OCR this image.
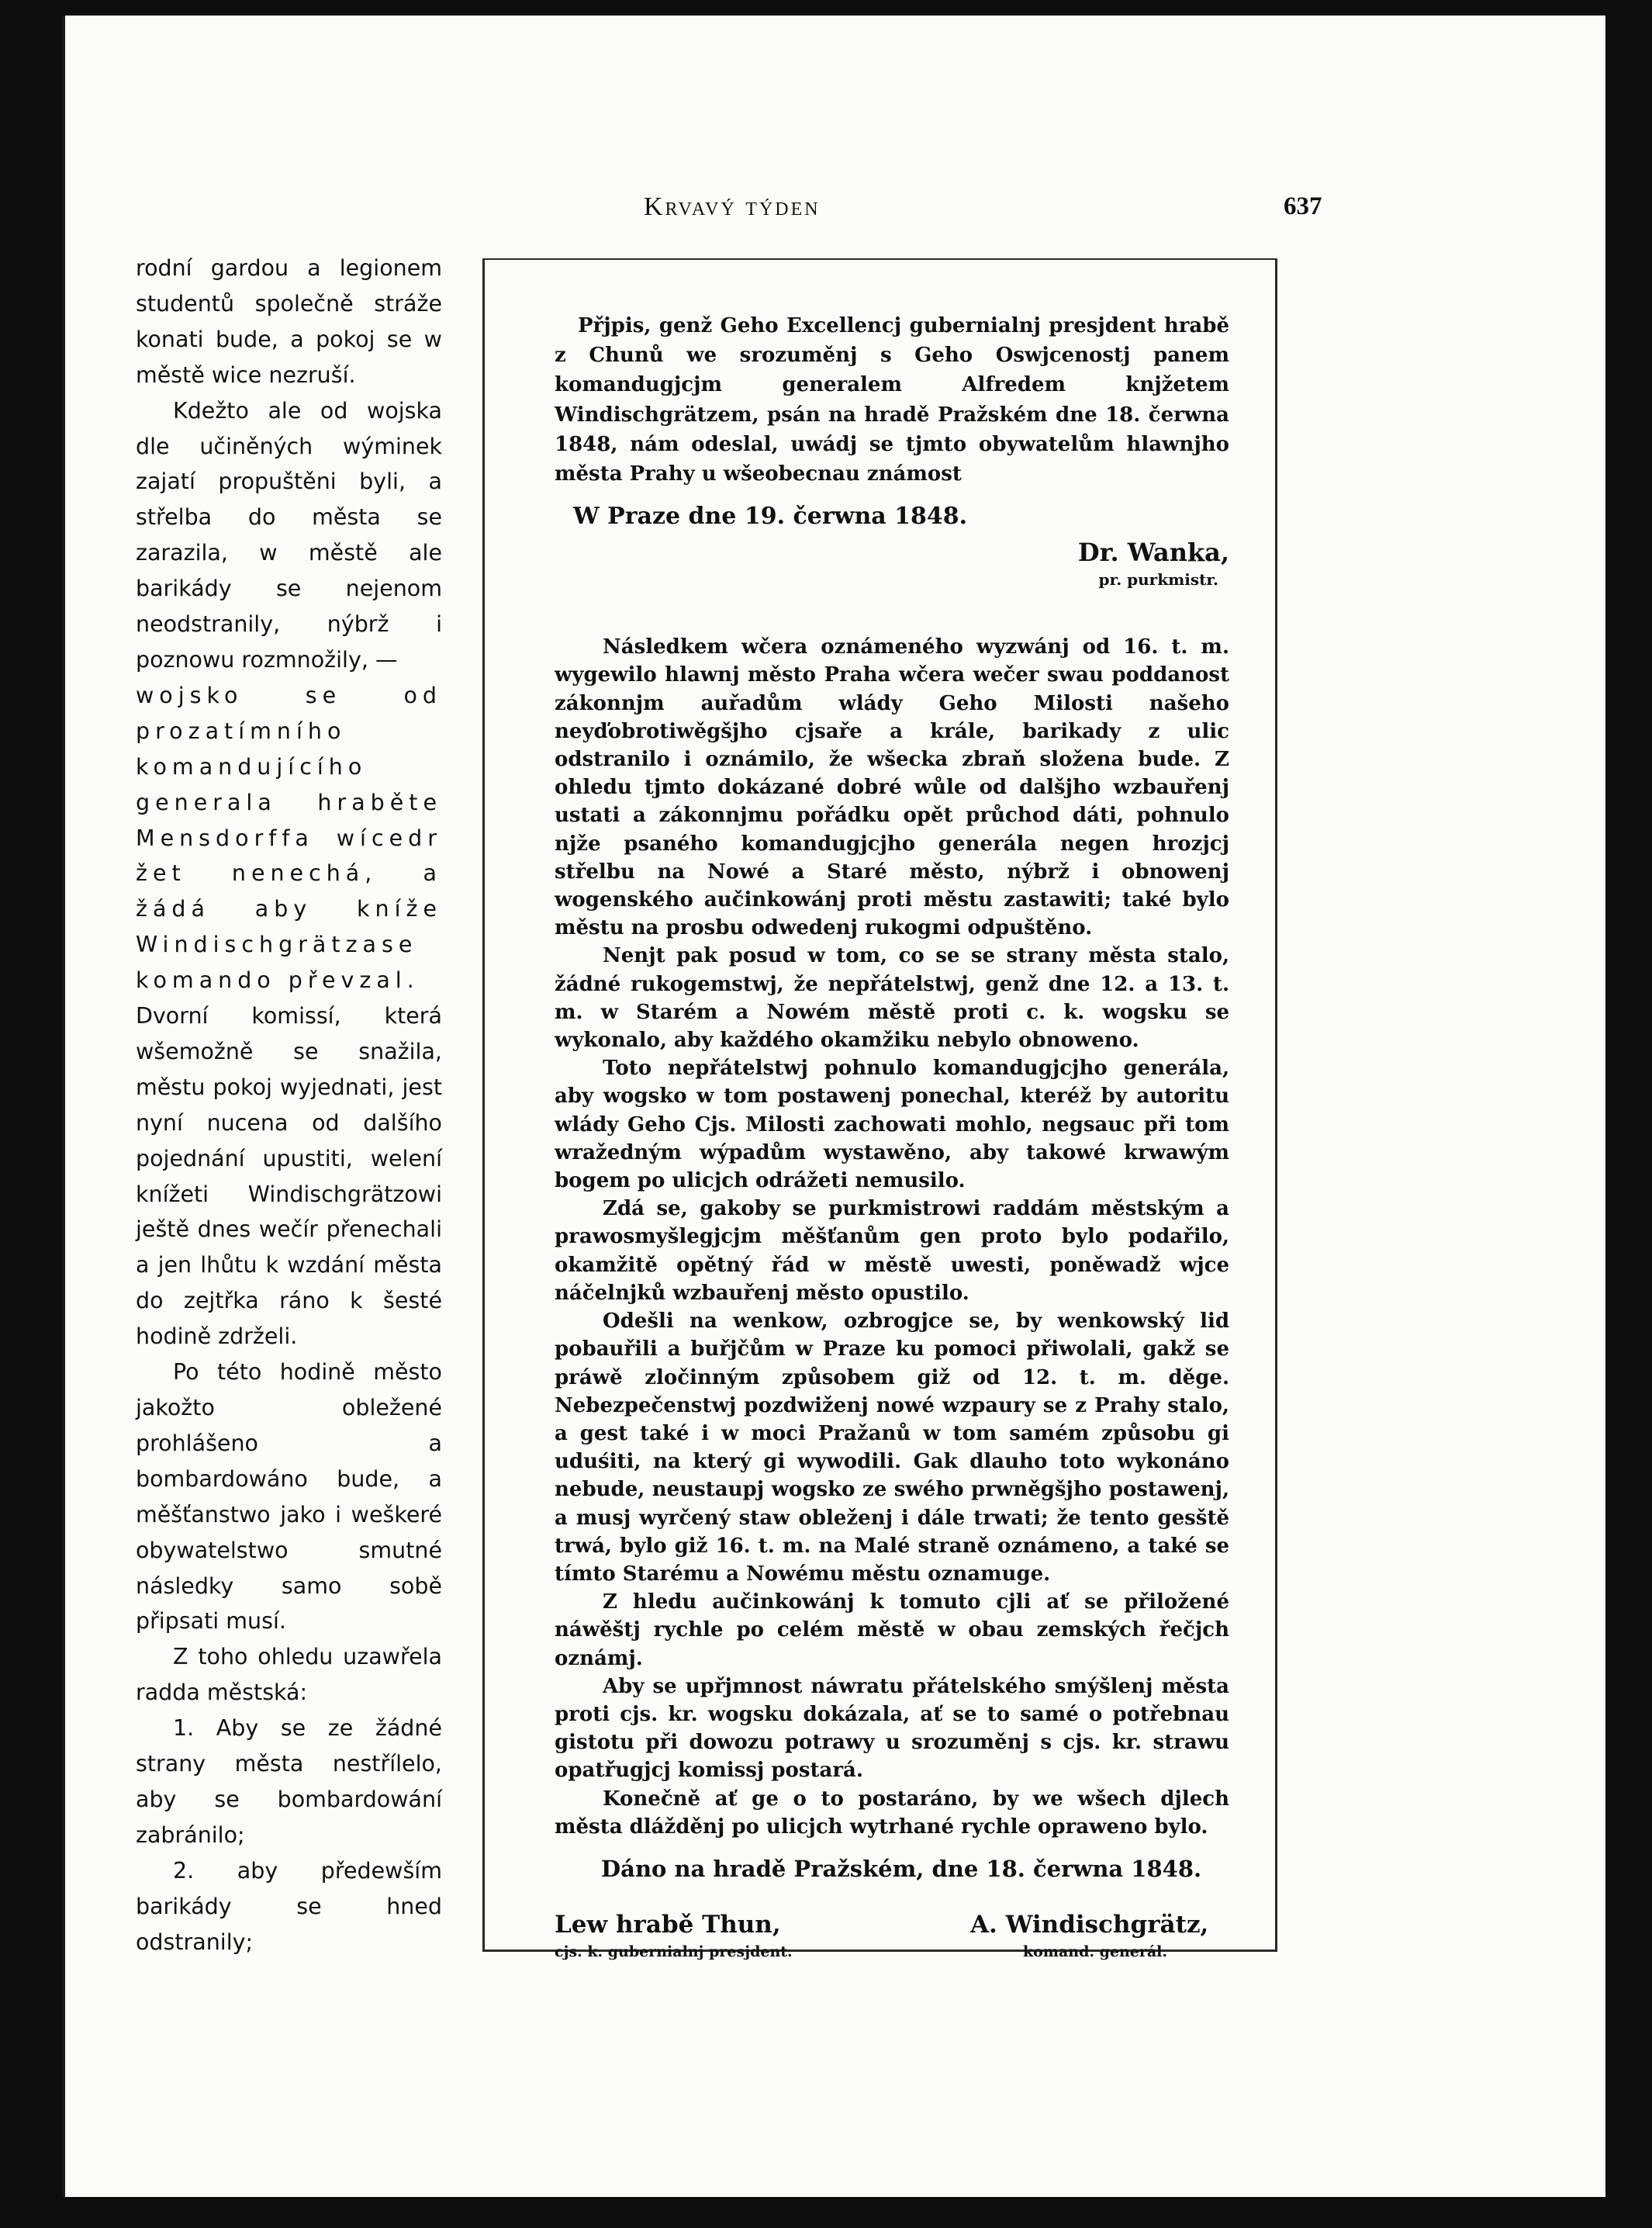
Krvavý týden	637

rodní gardou a legionem studentů společně stráže konati bude, a pokoj se w městě wice nezruší.

Kdežto ale od wojska dle učiněných wýminek zajatí propuštěni byli, a střelba do města se zarazila, w městě ale barikády se nejenom neodstranily, nýbrž i poznowu rozmnožily, —

wojsko se od prozatímního komandujícího generala hraběte Mensdorffa wícedr žet nenechá, a žádá aby kníže Windischgrätzase komando převzal.

Dvorní komissí, která wšemožně se snažila, městu pokoj wyjednati, jest nyní nucena od dalšího pojednání upustiti, welení knížeti Windischgrätzowi ještě dnes wečír přenechali a jen lhůtu k wzdání města do zejtřka ráno k šesté hodině zdrželi.

Po této hodině město jakožto obležené prohlášeno a bombardowáno bude, a měšťanstwo jako i weškeré obywatelstwo smutné následky samo sobě připsati musí.

Z toho ohledu uzawřela radda městská:

1. Aby se ze žádné strany města nestřílelo, aby se bombardowání zabránilo;

2. aby předewším barikády se hned odstranily;

Přjpis, genž Geho Excellencj gubernialnj presjdent hrabě z Chunů we srozuměnj s Geho Oswjcenostj panem komandugjcjm generalem Alfredem knjžetem Windischgrätzem, psán na hradě Pražském dne 18. čerwna 1848, nám odeslal, uwádj se tjmto obywatelům hlawnjho města Prahy u wšeobecnau známost

W Praze dne 19. čerwna 1848.
Dr. Wanka,
pr. purkmistr.

Následkem wčera oznámeného wyzwánj od 16. t. m. wygewilo hlawnj město Praha wčera wečer swau poddanost zákonnjm auřadům wlády Geho Milosti našeho neyďobrotiwěgšjho cjsaře a krále, barikady z ulic odstranilo i oznámilo, že wšecka zbraň složena bude. Z ohledu tjmto dokázané dobré wůle od dalšjho wzbauřenj ustati a zákonnjmu pořádku opět průchod dáti, pohnulo njže psaného komandugjcjho generála negen hrozjcj střelbu na Nowé a Staré město, nýbrž i obnowenj wogenského aučinkowánj proti městu zastawiti; také bylo městu na prosbu odwedenj rukogmi odpuštěno.

Nenjt pak posud w tom, co se se strany města stalo, žádné rukogemstwj, že nepřátelstwj, genž dne 12. a 13. t. m. w Starém a Nowém městě proti c. k. wogsku se wykonalo, aby každého okamžiku nebylo obnoweno.

Toto nepřátelstwj pohnulo komandugjcjho generála, aby wogsko w tom postawenj ponechal, kteréž by autoritu wlády Geho Cjs. Milosti zachowati mohlo, negsauc při tom wražedným wýpadům wystawěno, aby takowé krwawým bogem po ulicjch odrážeti nemusilo.

Zdá se, gakoby se purkmistrowi raddám městským a prawosmyšlegjcjm měšťanům gen proto bylo podařilo, okamžitě opětný řád w městě uwesti, poněwadž wjce náčelnjků wzbauřenj město opustilo.

Odešli na wenkow, ozbrogjce se, by wenkowský lid pobauřili a buřjčům w Praze ku pomoci přiwolali, gakž se práwě zločinným způsobem giž od 12. t. m. děge. Nebezpečenstwj pozdwiženj nowé wzpaury se z Prahy stalo, a gest také i w moci Pražanů w tom samém způsobu gi uduśiti, na který gi wywodili. Gak dlauho toto wykonáno nebude, neustaupj wogsko ze swého prwněgšjho postawenj, a musj wyrčený staw obleženj i dále trwati; že tento gesště trwá, bylo giž 16. t. m. na Malé straně oznámeno, a také se tímto Starému a Nowému městu oznamuge.

Z hledu aučinkowánj k tomuto cjli ať se přiložené náwěštj rychle po celém městě w obau zemských řečjch oznámj.

Aby se upřjmnost náwratu přátelského smýšlenj města proti cjs. kr. wogsku dokázala, ať se to samé o potřebnau gistotu při dowozu potrawy u srozuměnj s cjs. kr. strawu opatřugjcj komissj postará.

Konečně ať ge o to postaráno, by we wšech djlech města dlážděnj po ulicjch wytrhané rychle opraweno bylo.

Dáno na hradě Pražském, dne 18. čerwna 1848.
Lew hrabě Thun,
cjs. k. gubernialnj presjdent.
A. Windischgrätz,
komand. generál.
